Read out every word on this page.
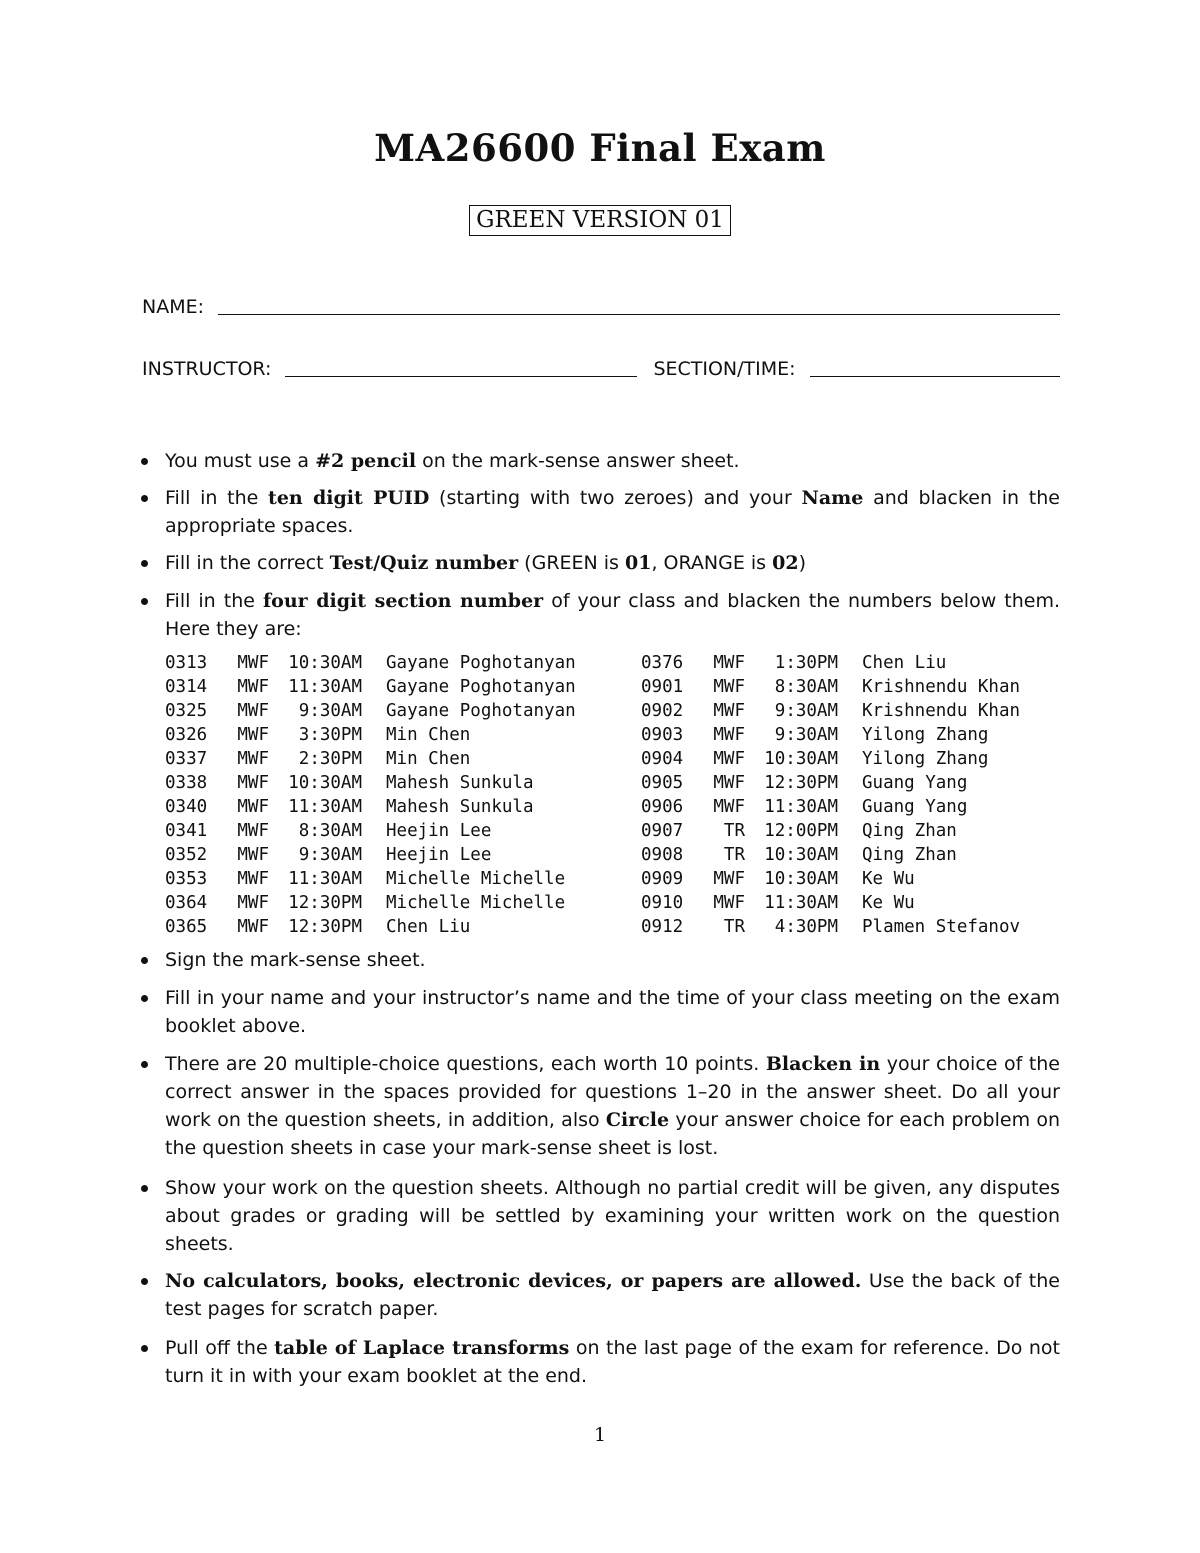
MA26600 Final Exam
GREEN VERSION 01
NAME:
INSTRUCTOR:	SECTION/TIME:
You must use a #2 pencil on the mark-sense answer sheet.
Fill in the ten digit PUID (starting with two zeroes) and your Name and blacken in the appropriate spaces.
Fill in the correct Test/Quiz number (GREEN is 01, ORANGE is 02)
Fill in the four digit section number of your class and blacken the numbers below them. Here they are:
0313 MWF 10:30AM Gayane Poghotanyan
0314 MWF 11:30AM Gayane Poghotanyan
0325 MWF 9:30AM Gayane Poghotanyan
0326 MWF 3:30PM Min Chen
0337 MWF 2:30PM Min Chen
0338 MWF 10:30AM Mahesh Sunkula
0340 MWF 11:30AM Mahesh Sunkula
0341 MWF 8:30AM Heejin Lee
0352 MWF 9:30AM Heejin Lee
0353 MWF 11:30AM Michelle Michelle
0364 MWF 12:30PM Michelle Michelle
0365 MWF 12:30PM Chen Liu
0376 MWF 1:30PM Chen Liu
0901 MWF 8:30AM Krishnendu Khan
0902 MWF 9:30AM Krishnendu Khan
0903 MWF 9:30AM Yilong Zhang
0904 MWF 10:30AM Yilong Zhang
0905 MWF 12:30PM Guang Yang
0906 MWF 11:30AM Guang Yang
0907 TR 12:00PM Qing Zhan
0908 TR 10:30AM Qing Zhan
0909 MWF 10:30AM Ke Wu
0910 MWF 11:30AM Ke Wu
0912 TR 4:30PM Plamen Stefanov
Sign the mark-sense sheet.
Fill in your name and your instructor’s name and the time of your class meeting on the exam booklet above.
There are 20 multiple-choice questions, each worth 10 points. Blacken in your choice of the correct answer in the spaces provided for questions 1–20 in the answer sheet. Do all your work on the question sheets, in addition, also Circle your answer choice for each problem on the question sheets in case your mark-sense sheet is lost.
Show your work on the question sheets. Although no partial credit will be given, any disputes about grades or grading will be settled by examining your written work on the question sheets.
No calculators, books, electronic devices, or papers are allowed. Use the back of the test pages for scratch paper.
Pull off the table of Laplace transforms on the last page of the exam for reference. Do not turn it in with your exam booklet at the end.
1
